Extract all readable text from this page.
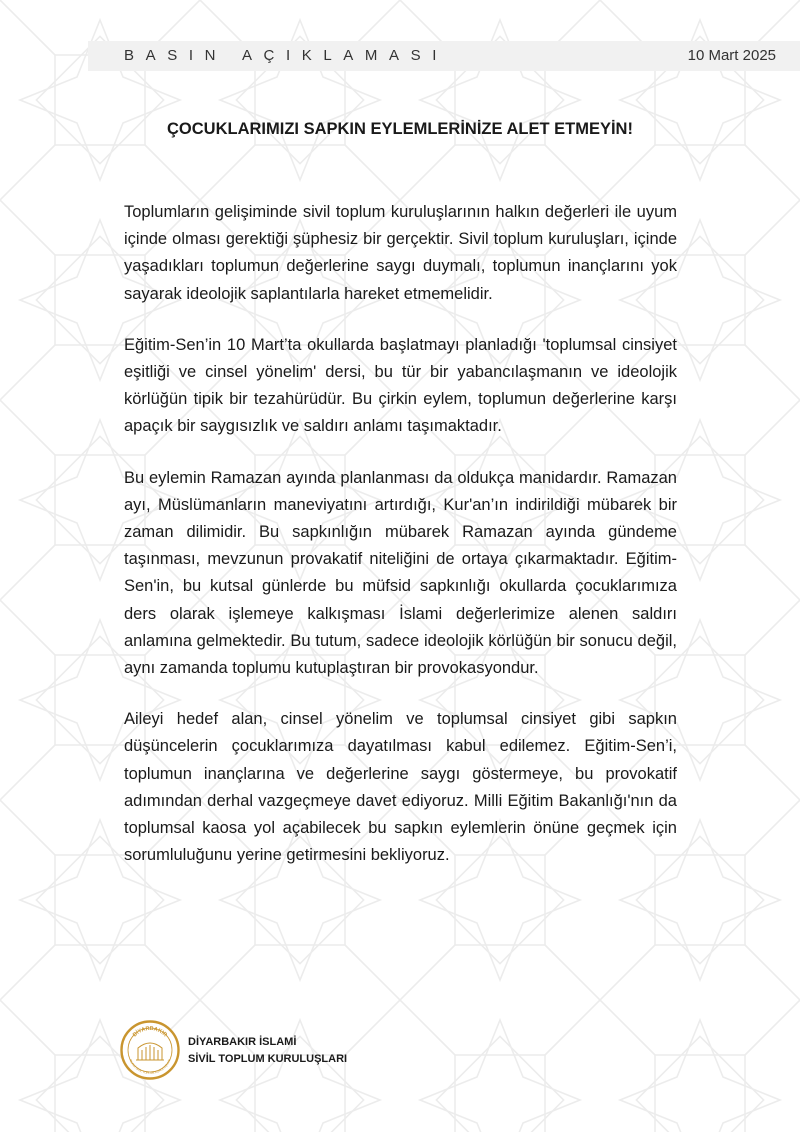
BASIN AÇIKLAMASI	10 Mart 2025
ÇOCUKLARIMIZI SAPKIN EYLEMLERİNİZE ALET ETMEYİN!

Toplumların gelişiminde sivil toplum kuruluşlarının halkın değerleri ile uyum içinde olması gerektiği şüphesiz bir gerçektir. Sivil toplum kuruluşları, içinde yaşadıkları toplumun değerlerine saygı duymalı, toplumun inançlarını yok sayarak ideolojik saplantılarla hareket etmemelidir.

Eğitim-Sen’in 10 Mart’ta okullarda başlatmayı planladığı 'toplumsal cinsiyet eşitliği ve cinsel yönelim' dersi, bu tür bir yabancılaşmanın ve ideolojik körlüğün tipik bir tezahürüdür. Bu çirkin eylem, toplumun değerlerine karşı apaçık bir saygısızlık ve saldırı anlamı taşımaktadır.

Bu eylemin Ramazan ayında planlanması da oldukça manidardır. Ramazan ayı, Müslümanların maneviyatını artırdığı, Kur'an’ın indirildiği mübarek bir zaman dilimidir. Bu sapkınlığın mübarek Ramazan ayında gündeme taşınması, mevzunun provakatif niteliğini de ortaya çıkarmaktadır. Eğitim-Sen'in, bu kutsal günlerde bu müfsid sapkınlığı okullarda çocuklarımıza ders olarak işlemeye kalkışması İslami değerlerimize alenen saldırı anlamına gelmektedir. Bu tutum, sadece ideolojik körlüğün bir sonucu değil, aynı zamanda toplumu kutuplaştıran bir provokasyondur.

Aileyi hedef alan, cinsel yönelim ve toplumsal cinsiyet gibi sapkın düşüncelerin çocuklarımıza dayatılması kabul edilemez. Eğitim-Sen’i, toplumun inançlarına ve değerlerine saygı göstermeye, bu provokatif adımından derhal vazgeçmeye davet ediyoruz. Milli Eğitim Bakanlığı'nın da toplumsal kaosa yol açabilecek bu sapkın eylemlerin önüne geçmek için sorumluluğunu yerine getirmesini bekliyoruz.

DİYARBAKIR
İSLAMİ SİVİL TOPLUM KURULUŞLARI
DİYARBAKIR İSLAMİ
SİVİL TOPLUM KURULUŞLARI
